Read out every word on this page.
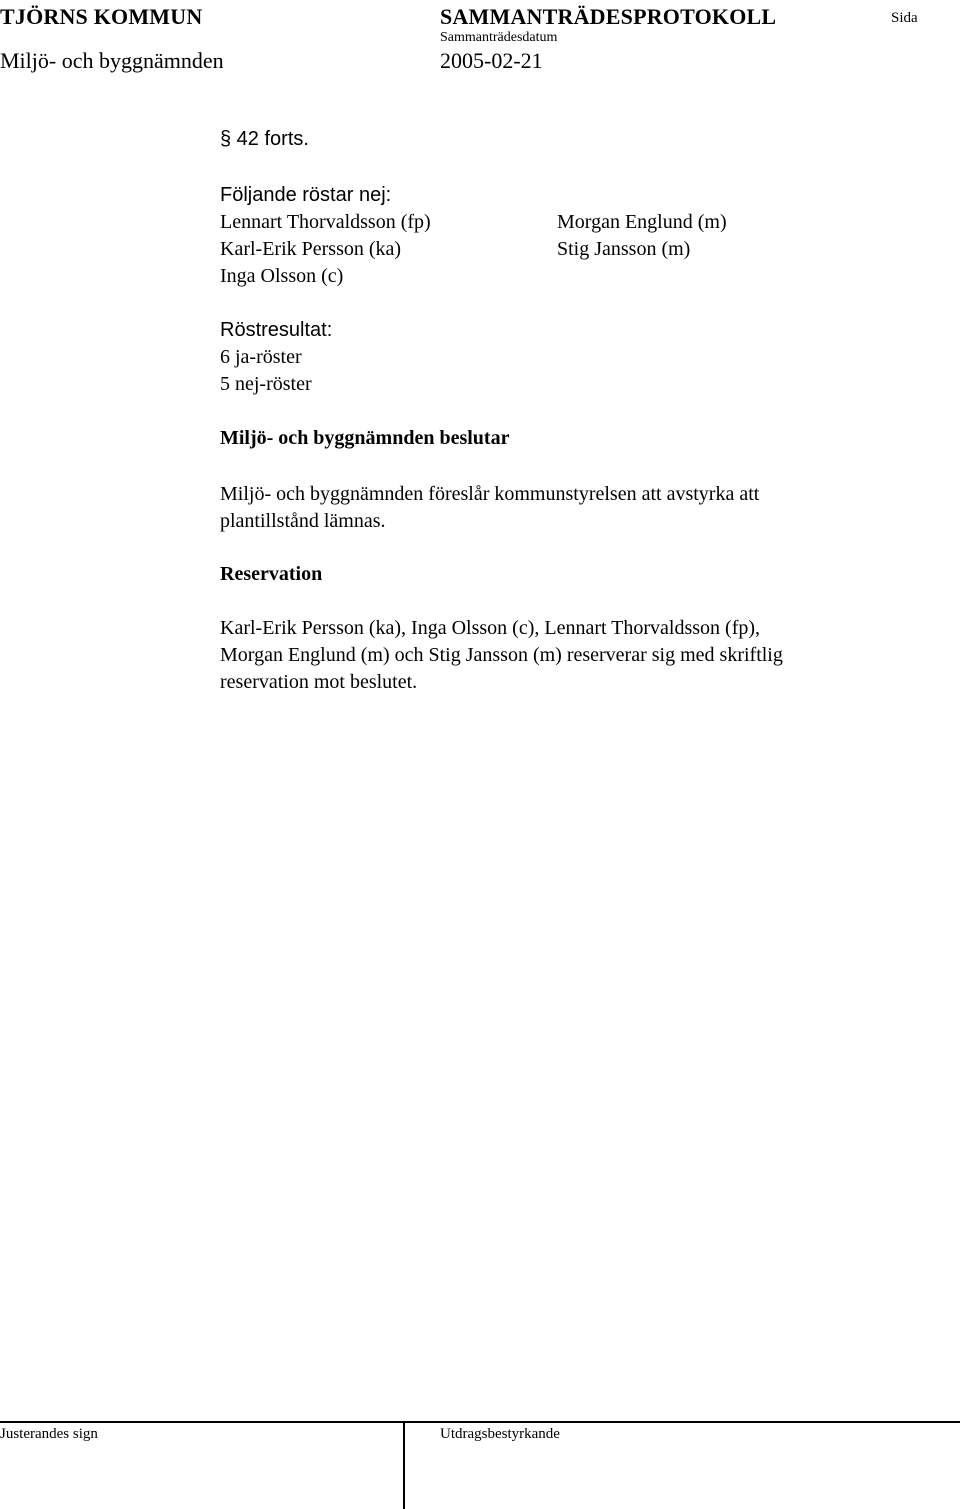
TJÖRNS KOMMUN
Miljö- och byggnämnden
SAMMANTRÄDESPROTOKOLL
Sammanträdesdatum
2005-02-21
Sida
§ 42 forts.
Följande röstar nej:
Lennart Thorvaldsson (fp)
Karl-Erik Persson (ka)
Inga Olsson (c)
Morgan Englund (m)
Stig Jansson (m)
Röstresultat:
6 ja-röster
5 nej-röster
Miljö- och byggnämnden beslutar
Miljö- och byggnämnden föreslår kommunstyrelsen att avstyrka att
plantillstånd lämnas.
Reservation
Karl-Erik Persson (ka), Inga Olsson (c), Lennart Thorvaldsson (fp),
Morgan Englund (m) och Stig Jansson (m) reserverar sig med skriftlig
reservation mot beslutet.
Justerandes sign	Utdragsbestyrkande
